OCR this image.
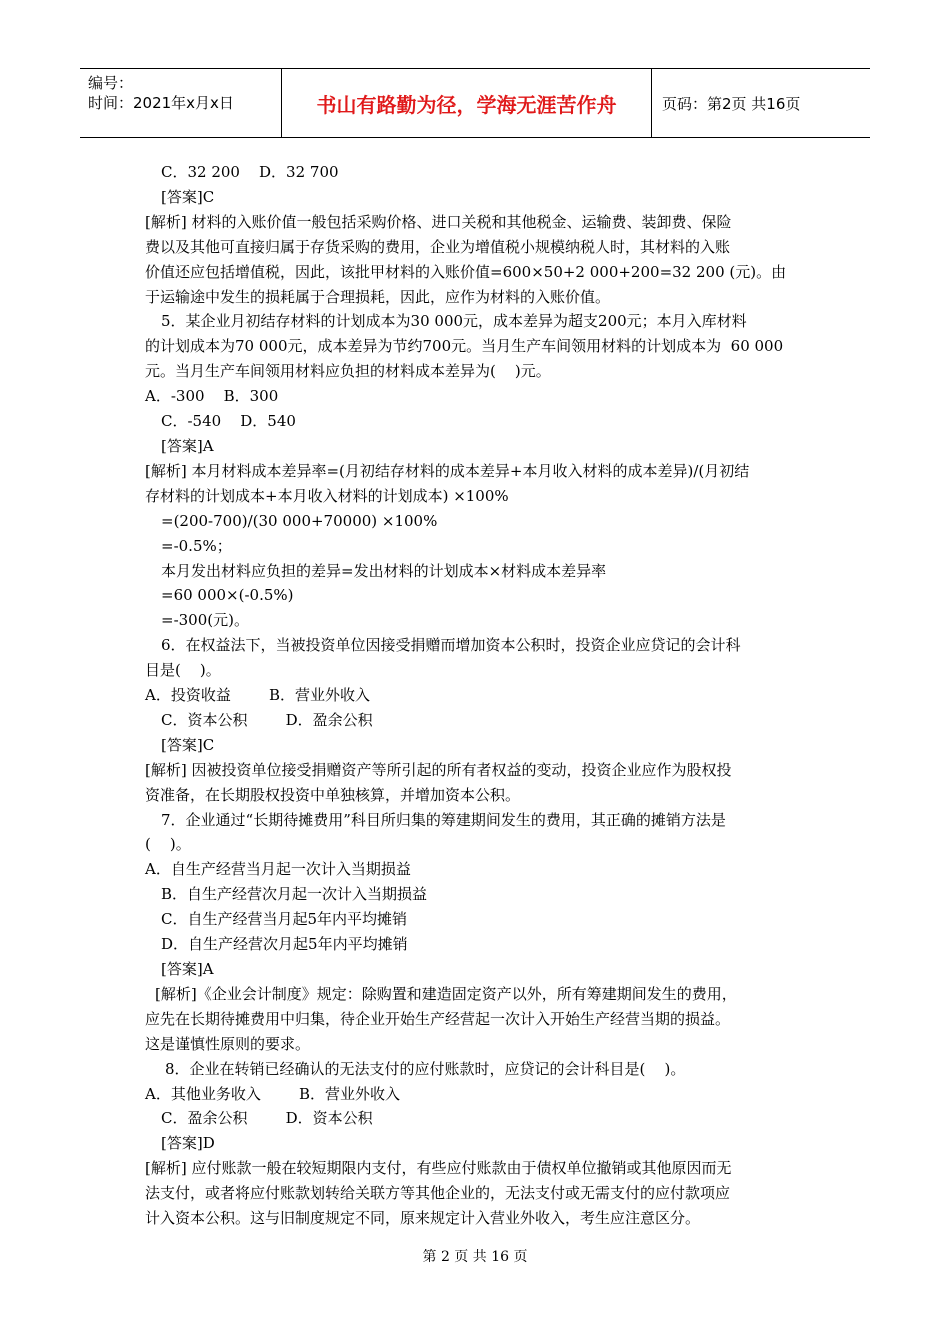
编号：
时间：2021年x月x日	书山有路勤为径，学海无涯苦作舟	页码：第2页 共16页

C．32 200    D．32 700

[答案]C

[解析] 材料的入账价值一般包括采购价格、进口关税和其他税金、运输费、装卸费、保险

费以及其他可直接归属于存货采购的费用，企业为增值税小规模纳税人时，其材料的入账

价值还应包括增值税，因此，该批甲材料的入账价值=600×50+2 000+200=32 200 (元)。由

于运输途中发生的损耗属于合理损耗，因此，应作为材料的入账价值。

5．某企业月初结存材料的计划成本为30 000元，成本差异为超支200元；本月入库材料

的计划成本为70 000元，成本差异为节约700元。当月生产车间领用材料的计划成本为  60 000

元。当月生产车间领用材料应负担的材料成本差异为(    )元。

A．-300    B．300

C．-540    D．540

[答案]A

[解析] 本月材料成本差异率=(月初结存材料的成本差异+本月收入材料的成本差异)/(月初结

存材料的计划成本+本月收入材料的计划成本) ×100%

=(200-700)/(30 000+70000) ×100%

=-0.5%；

本月发出材料应负担的差异=发出材料的计划成本×材料成本差异率

=60 000×(-0.5%)

=-300(元)。

6．在权益法下，当被投资单位因接受捐赠而增加资本公积时，投资企业应贷记的会计科

目是(    )。

A．投资收益        B．营业外收入

C．资本公积        D．盈余公积

[答案]C

[解析] 因被投资单位接受捐赠资产等所引起的所有者权益的变动，投资企业应作为股权投

资准备，在长期股权投资中单独核算，并增加资本公积。

7．企业通过“长期待摊费用”科目所归集的筹建期间发生的费用，其正确的摊销方法是

(    )。

A．自生产经营当月起一次计入当期损益

B．自生产经营次月起一次计入当期损益

C．自生产经营当月起5年内平均摊销

D．自生产经营次月起5年内平均摊销

[答案]A

[解析]《企业会计制度》规定：除购置和建造固定资产以外，所有筹建期间发生的费用，

应先在长期待摊费用中归集，待企业开始生产经营起一次计入开始生产经营当期的损益。

这是谨慎性原则的要求。

8．企业在转销已经确认的无法支付的应付账款时，应贷记的会计科目是(    )。

A．其他业务收入        B．营业外收入

C．盈余公积        D．资本公积

[答案]D

[解析] 应付账款一般在较短期限内支付，有些应付账款由于债权单位撤销或其他原因而无

法支付，或者将应付账款划转给关联方等其他企业的，无法支付或无需支付的应付款项应

计入资本公积。这与旧制度规定不同，原来规定计入营业外收入，考生应注意区分。

第 2 页 共 16 页
